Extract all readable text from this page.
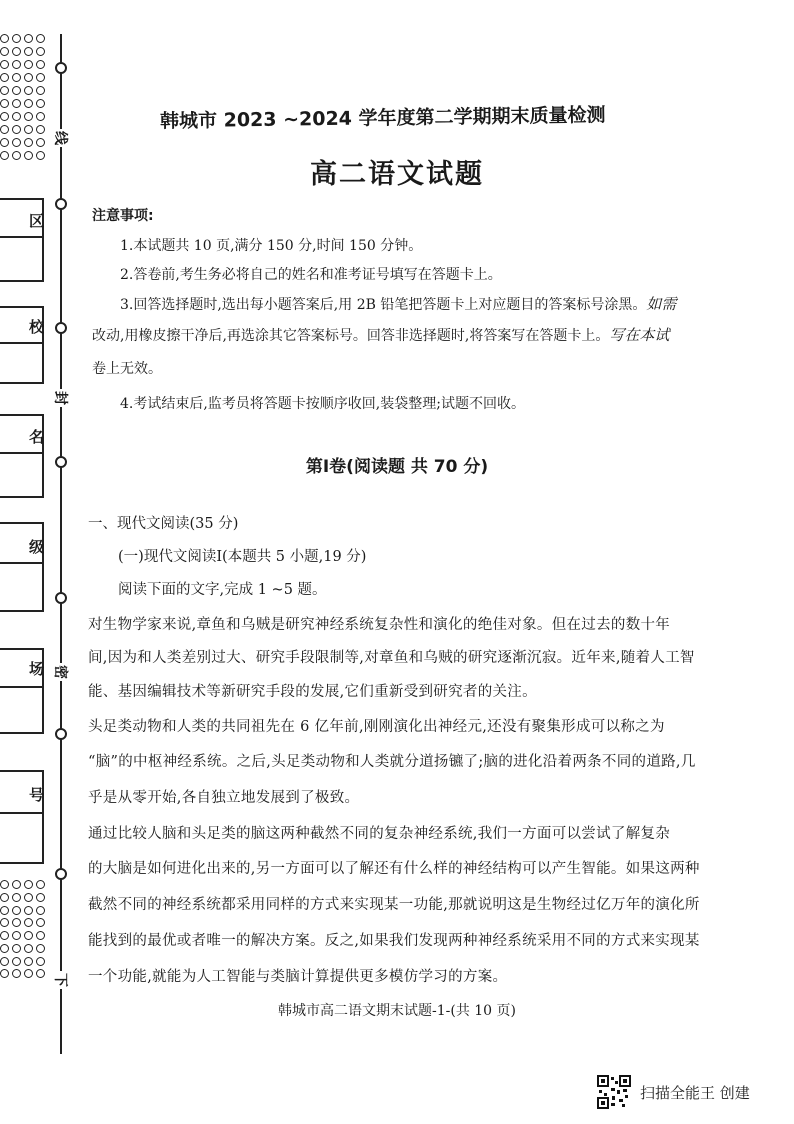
线
封
密
下
区
校
名
级
场
号
韩城市 2023 ~2024 学年度第二学期期末质量检测
高二语文试题
注意事项:
1.本试题共 10 页,满分 150 分,时间 150 分钟。
2.答卷前,考生务必将自己的姓名和准考证号填写在答题卡上。
3.回答选择题时,选出每小题答案后,用 2B 铅笔把答题卡上对应题目的答案标号涂黑。如需
改动,用橡皮擦干净后,再选涂其它答案标号。回答非选择题时,将答案写在答题卡上。写在本试
卷上无效。
4.考试结束后,监考员将答题卡按顺序收回,装袋整理;试题不回收。
第Ⅰ卷(阅读题 共 70 分)
一、现代文阅读(35 分)
(一)现代文阅读Ⅰ(本题共 5 小题,19 分)
阅读下面的文字,完成 1 ~5 题。
对生物学家来说,章鱼和乌贼是研究神经系统复杂性和演化的绝佳对象。但在过去的数十年
间,因为和人类差别过大、研究手段限制等,对章鱼和乌贼的研究逐渐沉寂。近年来,随着人工智
能、基因编辑技术等新研究手段的发展,它们重新受到研究者的关注。
头足类动物和人类的共同祖先在 6 亿年前,刚刚演化出神经元,还没有聚集形成可以称之为
“脑”的中枢神经系统。之后,头足类动物和人类就分道扬镳了;脑的进化沿着两条不同的道路,几
乎是从零开始,各自独立地发展到了极致。
通过比较人脑和头足类的脑这两种截然不同的复杂神经系统,我们一方面可以尝试了解复杂
的大脑是如何进化出来的,另一方面可以了解还有什么样的神经结构可以产生智能。如果这两种
截然不同的神经系统都采用同样的方式来实现某一功能,那就说明这是生物经过亿万年的演化所
能找到的最优或者唯一的解决方案。反之,如果我们发现两种神经系统采用不同的方式来实现某
一个功能,就能为人工智能与类脑计算提供更多模仿学习的方案。
韩城市高二语文期末试题-1-(共 10 页)
扫描全能王 创建
